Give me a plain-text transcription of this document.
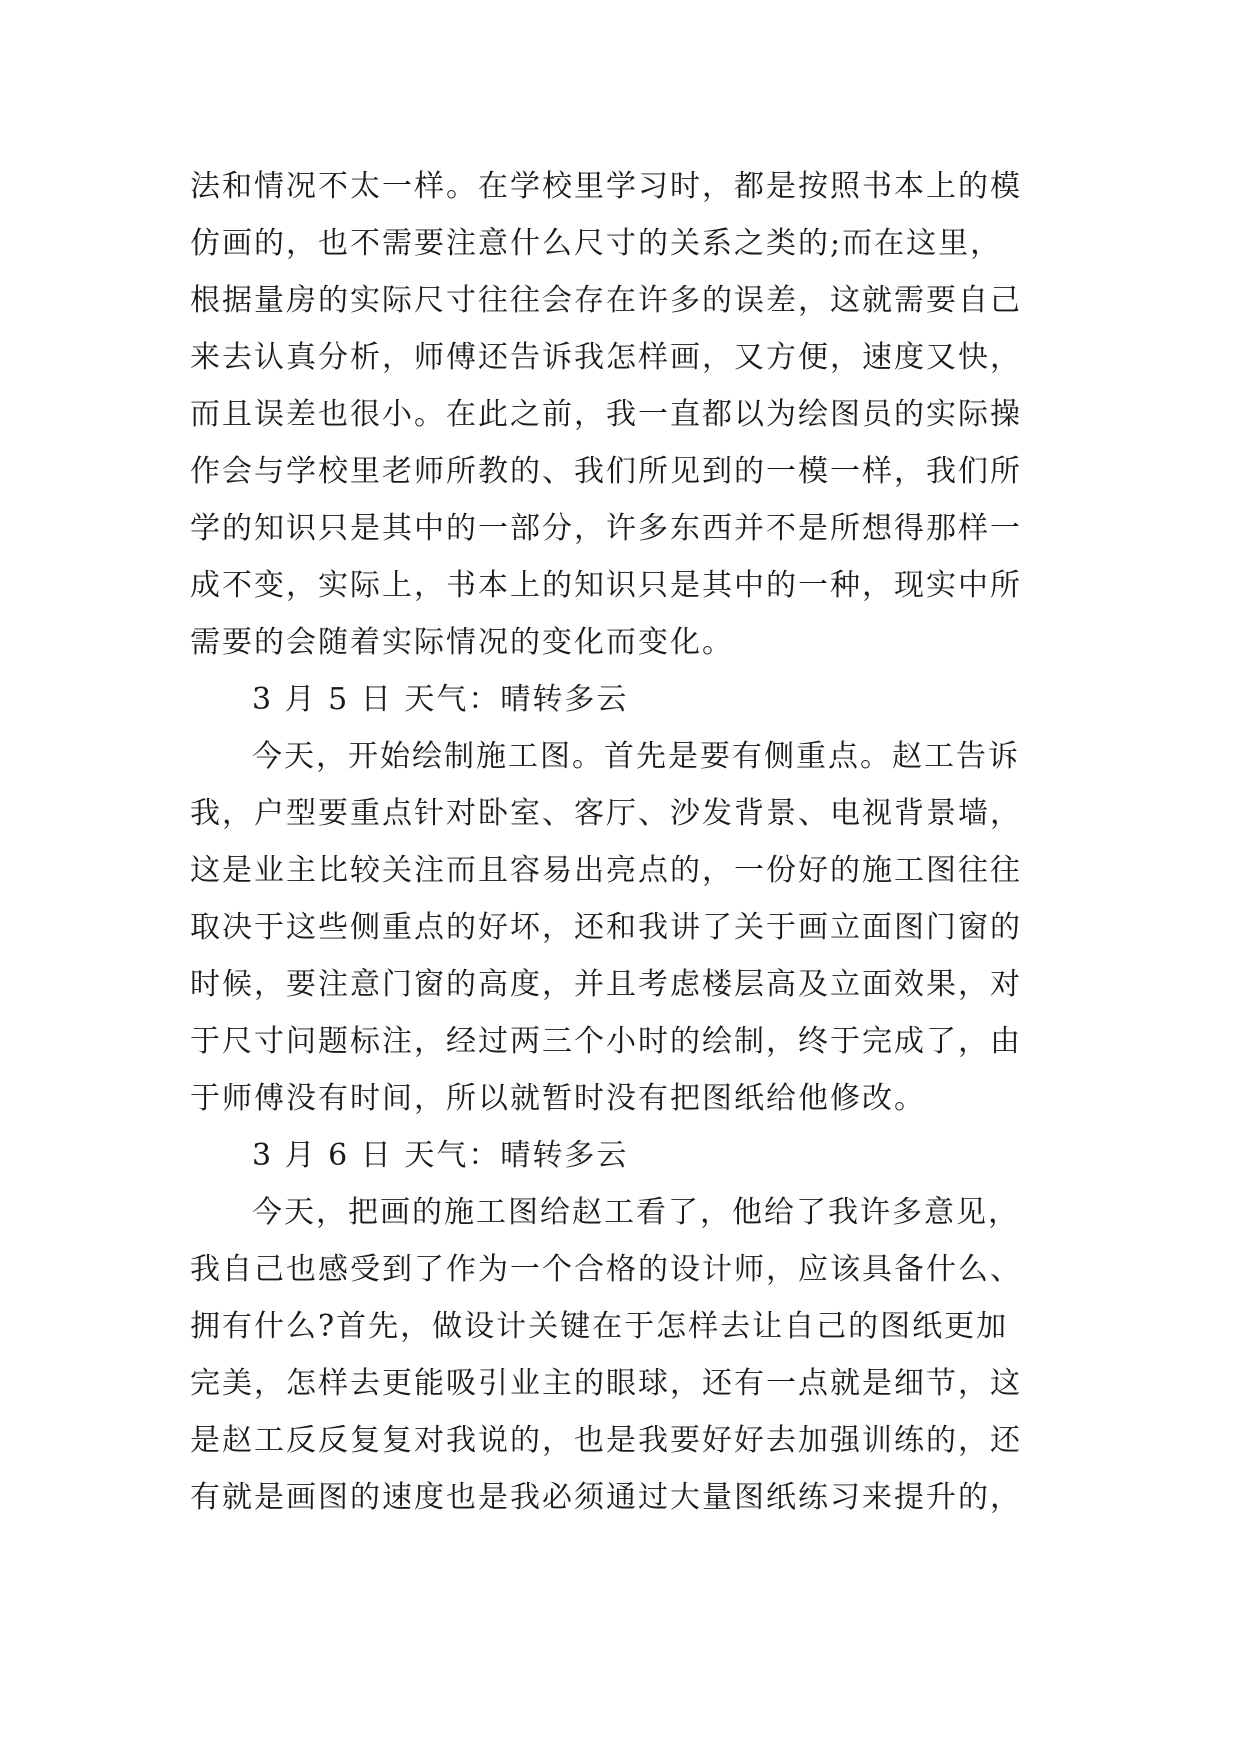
法和情况不太一样。在学校里学习时，都是按照书本上的模
仿画的，也不需要注意什么尺寸的关系之类的;而在这里，
根据量房的实际尺寸往往会存在许多的误差，这就需要自己
来去认真分析，师傅还告诉我怎样画，又方便，速度又快，
而且误差也很小。在此之前，我一直都以为绘图员的实际操
作会与学校里老师所教的、我们所见到的一模一样，我们所
学的知识只是其中的一部分，许多东西并不是所想得那样一
成不变，实际上，书本上的知识只是其中的一种，现实中所
需要的会随着实际情况的变化而变化。
3 月 5 日 天气：晴转多云
今天，开始绘制施工图。首先是要有侧重点。赵工告诉
我，户型要重点针对卧室、客厅、沙发背景、电视背景墙，
这是业主比较关注而且容易出亮点的，一份好的施工图往往
取决于这些侧重点的好坏，还和我讲了关于画立面图门窗的
时候，要注意门窗的高度，并且考虑楼层高及立面效果，对
于尺寸问题标注，经过两三个小时的绘制，终于完成了，由
于师傅没有时间，所以就暂时没有把图纸给他修改。
3 月 6 日 天气：晴转多云
今天，把画的施工图给赵工看了，他给了我许多意见，
我自己也感受到了作为一个合格的设计师，应该具备什么、
拥有什么?首先，做设计关键在于怎样去让自己的图纸更加
完美，怎样去更能吸引业主的眼球，还有一点就是细节，这
是赵工反反复复对我说的，也是我要好好去加强训练的，还
有就是画图的速度也是我必须通过大量图纸练习来提升的，
